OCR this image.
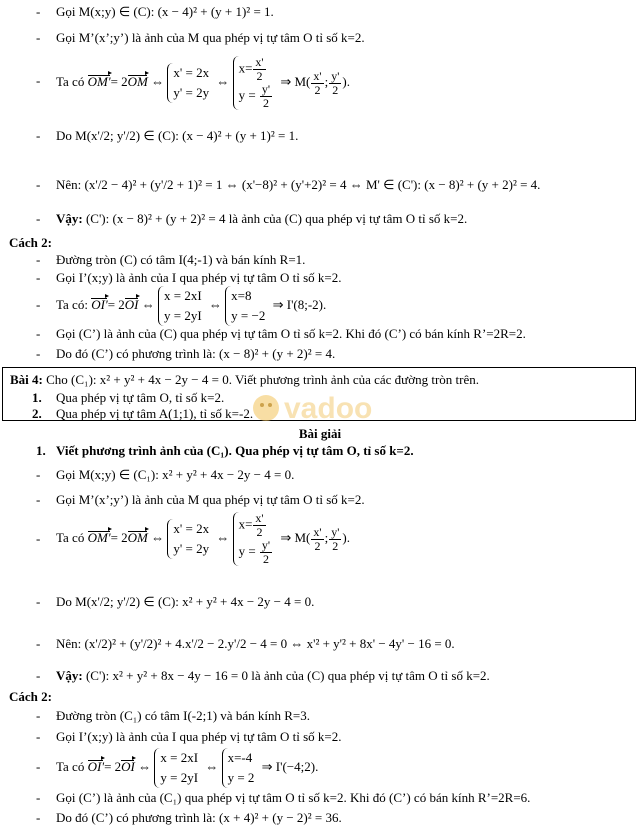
- Gọi M(x;y) ∈ (C): (x − 4)² + (y + 1)² = 1.
- Gọi M’(x’;y’) là ảnh của M qua phép vị tự tâm O tỉ số k=2.
- Ta có OM'= 2OM ⇔
x' = 2x
y' = 2y
⇔
$x= \frac{x'}{2}$
$y = \frac{y'}{2}$
⇒ $M( \frac{x'}{2}$ ; $\frac{y'}{2}$ ).
- Do M(x'/2; y'/2) ∈ (C): (x − 4)² + (y + 1)² = 1.
- Nên: (x'/2 − 4)² + (y'/2 + 1)² = 1 ⇔ (x'−8)² + (y'+2)² = 4 ⇔ M' ∈ (C'): (x − 8)² + (y + 2)² = 4.
- Vậy: (C'): (x − 8)² + (y + 2)² = 4 là ảnh của (C) qua phép vị tự tâm O tỉ số k=2.
Cách 2:
- Đường tròn (C) có tâm I(4;-1) và bán kính R=1.
- Gọi I’(x;y) là ảnh của I qua phép vị tự tâm O tỉ số k=2.
- Ta có: OI'= 2OI ⇔
x = 2xI
y = 2yI
⇔
x=8
y = −2
⇒ I'(8;-2).
- Gọi (C’) là ảnh của (C) qua phép vị tự tâm O tỉ số k=2. Khi đó (C’) có bán kính R’=2R=2.
- Do đó (C’) có phương trình là: (x − 8)² + (y + 2)² = 4.
Bài 4: Cho (C₁): x² + y² + 4x − 2y − 4 = 0. Viết phương trình ảnh của các đường tròn trên.
1. Qua phép vị tự tâm O, tỉ số k=2.
2. Qua phép vị tự tâm A(1;1), tỉ số k=-2. vadoo
Bài giải
1. Viết phương trình ảnh của (C₁). Qua phép vị tự tâm O, tỉ số k=2.
- Gọi M(x;y) ∈ (C₁): x² + y² + 4x − 2y − 4 = 0.
- Gọi M’(x’;y’) là ảnh của M qua phép vị tự tâm O tỉ số k=2.
- Ta có OM'= 2OM ⇔
x' = 2x
y' = 2y
⇔
$x= \frac{x'}{2}$
$y = \frac{y'}{2}$
⇒ $M( \frac{x'}{2}$ ; $\frac{y'}{2}$ ).
- Do M(x'/2; y'/2) ∈ (C): x² + y² + 4x − 2y − 4 = 0.
- Nên: (x'/2)² + (y'/2)² + 4.x'/2 − 2.y'/2 − 4 = 0 ⇔ x'² + y'² + 8x' − 4y' − 16 = 0.
- Vậy: (C'): x² + y² + 8x − 4y − 16 = 0 là ảnh của (C) qua phép vị tự tâm O tỉ số k=2.
Cách 2:
- Đường tròn (C₁) có tâm I(-2;1) và bán kính R=3.
- Gọi I’(x;y) là ảnh của I qua phép vị tự tâm O tỉ số k=2.
- Ta có OI'= 2OI ⇔
x = 2xI
y = 2yI
⇔
x=-4
y = 2
⇒ I'(−4;2).
- Gọi (C’) là ảnh của (C₁) qua phép vị tự tâm O tỉ số k=2. Khi đó (C’) có bán kính R’=2R=6.
- Do đó (C’) có phương trình là: (x + 4)² + (y − 2)² = 36.
